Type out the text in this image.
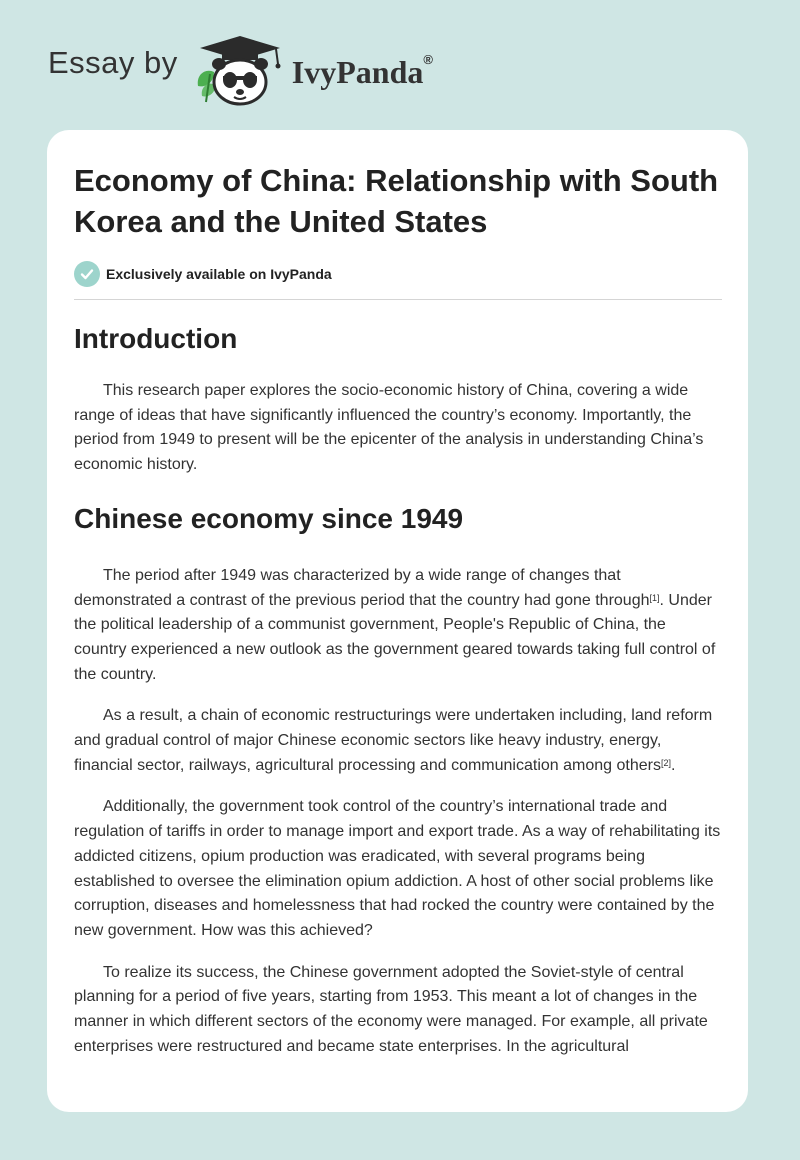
Essay by	IvyPanda®
Economy of China: Relationship with South Korea and the United States
Exclusively available on IvyPanda
Introduction

This research paper explores the socio-economic history of China, covering a wide range of ideas that have significantly influenced the country’s economy. Importantly, the period from 1949 to present will be the epicenter of the analysis in understanding China’s economic history.

Chinese economy since 1949

The period after 1949 was characterized by a wide range of changes that demonstrated a contrast of the previous period that the country had gone through[1]. Under the political leadership of a communist government, People's Republic of China, the country experienced a new outlook as the government geared towards taking full control of the country.

As a result, a chain of economic restructurings were undertaken including, land reform and gradual control of major Chinese economic sectors like heavy industry, energy, financial sector, railways, agricultural processing and communication among others[2].

Additionally, the government took control of the country’s international trade and regulation of tariffs in order to manage import and export trade. As a way of rehabilitating its addicted citizens, opium production was eradicated, with several programs being established to oversee the elimination opium addiction. A host of other social problems like corruption, diseases and homelessness that had rocked the country were contained by the new government. How was this achieved?

To realize its success, the Chinese government adopted the Soviet-style of central planning for a period of five years, starting from 1953. This meant a lot of changes in the manner in which different sectors of the economy were managed. For example, all private enterprises were restructured and became state enterprises. In the agricultural
